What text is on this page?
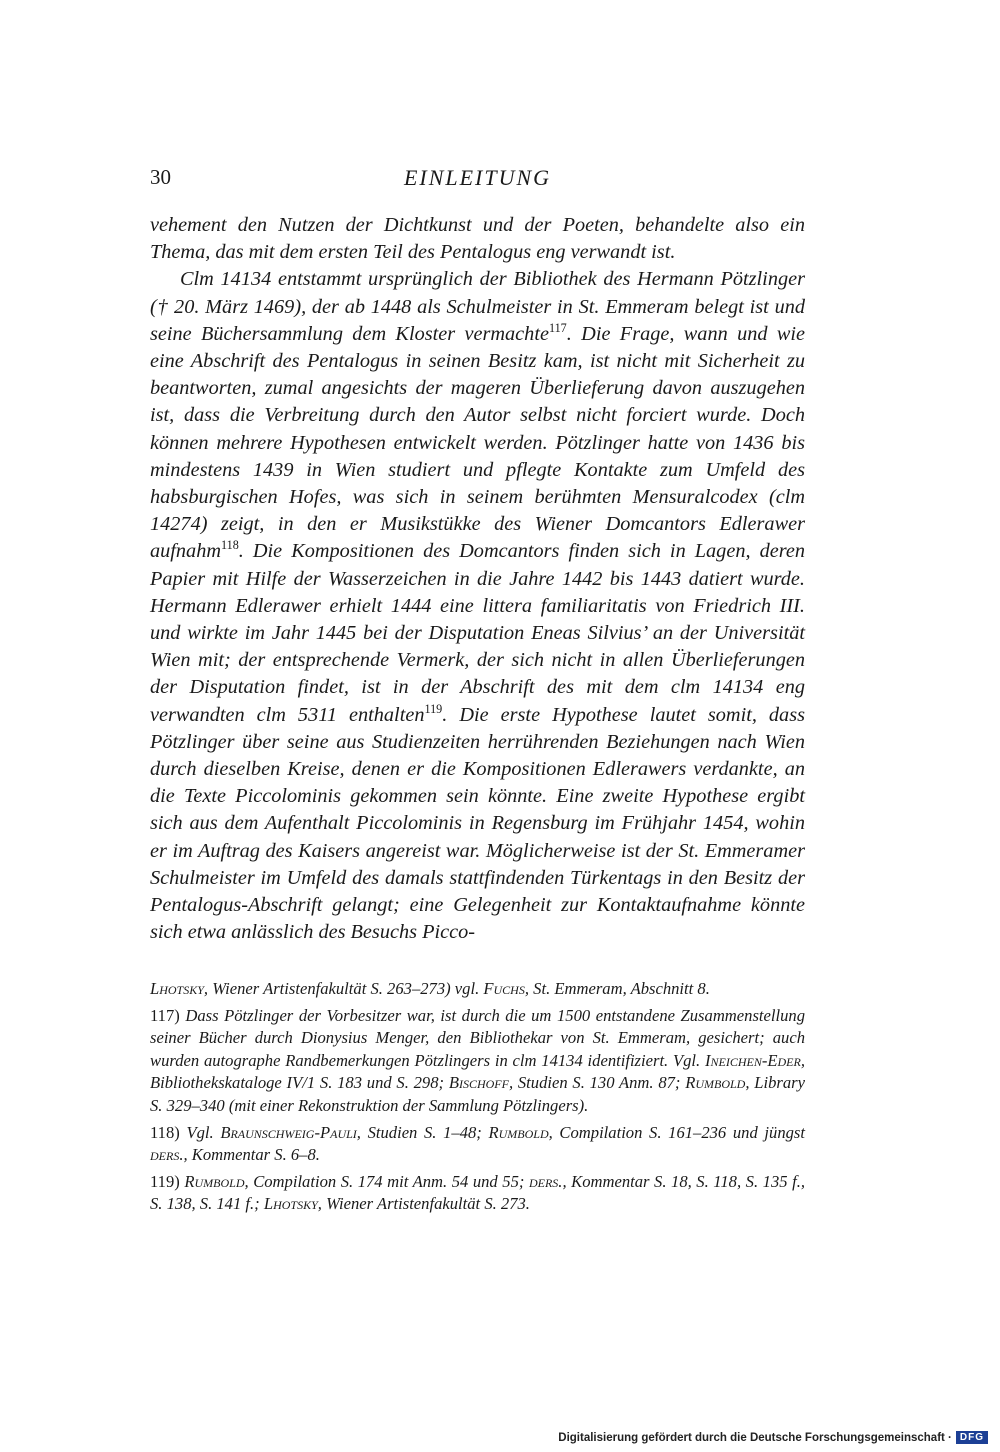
30	EINLEITUNG

vehement den Nutzen der Dichtkunst und der Poeten, behandelte also ein Thema, das mit dem ersten Teil des Pentalogus eng verwandt ist.

Clm 14134 entstammt ursprünglich der Bibliothek des Hermann Pötzlinger († 20. März 1469), der ab 1448 als Schulmeister in St. Emmeram belegt ist und seine Büchersammlung dem Kloster vermachte$^{117}$. Die Frage, wann und wie eine Abschrift des Pentalogus in seinen Besitz kam, ist nicht mit Sicherheit zu beantworten, zumal angesichts der mageren Überlieferung davon auszugehen ist, dass die Verbreitung durch den Autor selbst nicht forciert wurde. Doch können mehrere Hypothesen entwickelt werden. Pötzlinger hatte von 1436 bis mindestens 1439 in Wien studiert und pflegte Kontakte zum Umfeld des habsburgischen Hofes, was sich in seinem berühmten Mensuralcodex (clm 14274) zeigt, in den er Musikstükke des Wiener Domcantors Edlerawer aufnahm$^{118}$. Die Kompositionen des Domcantors finden sich in Lagen, deren Papier mit Hilfe der Wasserzeichen in die Jahre 1442 bis 1443 datiert wurde. Hermann Edlerawer erhielt 1444 eine littera familiaritatis von Friedrich III. und wirkte im Jahr 1445 bei der Disputation Eneas Silvius’ an der Universität Wien mit; der entsprechende Vermerk, der sich nicht in allen Überlieferungen der Disputation findet, ist in der Abschrift des mit dem clm 14134 eng verwandten clm 5311 enthalten$^{119}$. Die erste Hypothese lautet somit, dass Pötzlinger über seine aus Studienzeiten herrührenden Beziehungen nach Wien durch dieselben Kreise, denen er die Kompositionen Edlerawers verdankte, an die Texte Piccolominis gekommen sein könnte. Eine zweite Hypothese ergibt sich aus dem Aufenthalt Piccolominis in Regensburg im Frühjahr 1454, wohin er im Auftrag des Kaisers angereist war. Möglicherweise ist der St. Emmeramer Schulmeister im Umfeld des damals stattfindenden Türkentags in den Besitz der Pentalogus-Abschrift gelangt; eine Gelegenheit zur Kontaktaufnahme könnte sich etwa anlässlich des Besuchs Picco-

Lhotsky, Wiener Artistenfakultät S. 263–273) vgl. Fuchs, St. Emmeram, Abschnitt 8.

117) Dass Pötzlinger der Vorbesitzer war, ist durch die um 1500 entstandene Zusammenstellung seiner Bücher durch Dionysius Menger, den Bibliothekar von St. Emmeram, gesichert; auch wurden autographe Randbemerkungen Pötzlingers in clm 14134 identifiziert. Vgl. Ineichen-Eder, Bibliothekskataloge IV/1 S. 183 und S. 298; Bischoff, Studien S. 130 Anm. 87; Rumbold, Library S. 329–340 (mit einer Rekonstruktion der Sammlung Pötzlingers).

118) Vgl. Braunschweig-Pauli, Studien S. 1–48; Rumbold, Compilation S. 161–236 und jüngst ders., Kommentar S. 6–8.

119) Rumbold, Compilation S. 174 mit Anm. 54 und 55; ders., Kommentar S. 18, S. 118, S. 135 f., S. 138, S. 141 f.; Lhotsky, Wiener Artistenfakultät S. 273.

Digitalisierung gefördert durch die Deutsche Forschungsgemeinschaft · DFG
